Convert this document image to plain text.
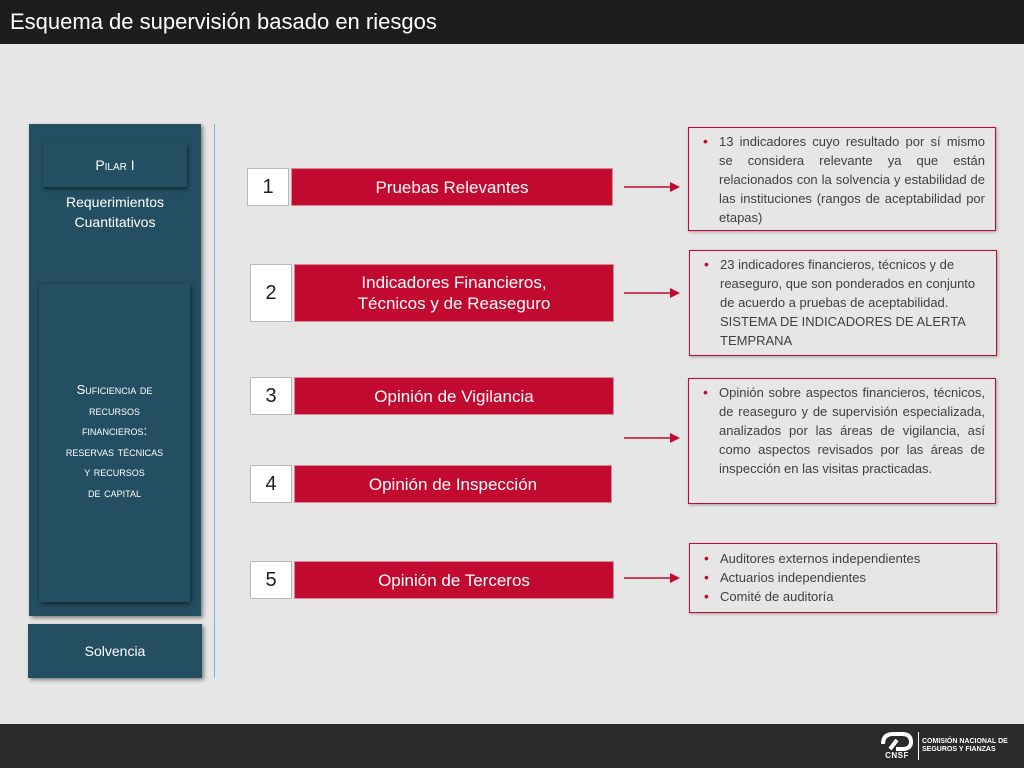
Esquema de supervisión basado en riesgos
Pilar I
Requerimientos
Cuantitativos
Suficiencia de
recursos
financieros:
reservas técnicas
y recursos
de capital
Solvencia
1	Pruebas Relevantes
2	Indicadores Financieros,
Técnicos y de Reaseguro
3	Opinión de Vigilancia
4	Opinión de Inspección
5	Opinión de Terceros
• 13 indicadores cuyo resultado por sí mismo se considera relevante ya que están relacionados con la solvencia y estabilidad de las instituciones (rangos de aceptabilidad por etapas)
• 23 indicadores financieros, técnicos y de reaseguro, que son ponderados en conjunto de acuerdo a pruebas de aceptabilidad. SISTEMA DE INDICADORES DE ALERTA TEMPRANA
• Opinión sobre aspectos financieros, técnicos, de reaseguro y de supervisión especializada, analizados por las áreas de vigilancia, así como aspectos revisados por las áreas de inspección en las visitas practicadas.
• Auditores externos independientes
• Actuarios independientes
• Comité de auditoría
CNSF
COMISIÓN NACIONAL DE
SEGUROS Y FIANZAS
